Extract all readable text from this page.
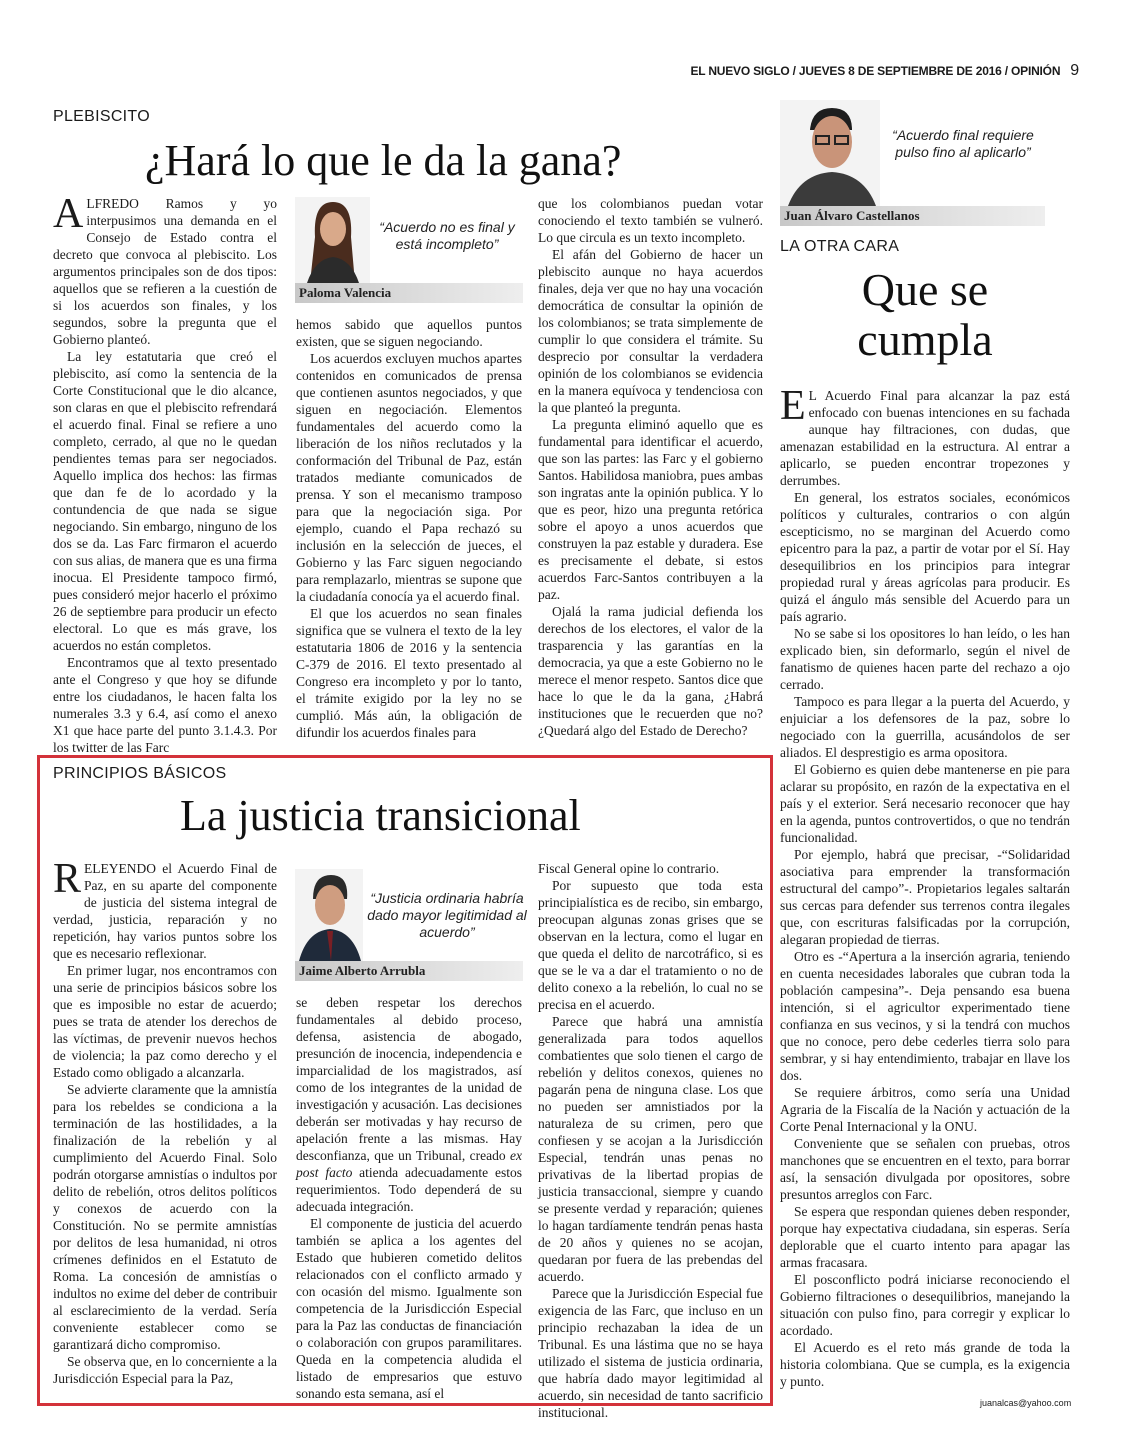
EL NUEVO SIGLO / JUEVES 8 DE SEPTIEMBRE DE 2016 / OPINIÓN 9
PLEBISCITO
¿Hará lo que le da la gana?

ALFREDO Ramos y yo interpusimos una demanda en el Consejo de Estado contra el decreto que convoca al plebiscito. Los argumentos principales son de dos tipos: aquellos que se refieren a la cuestión de si los acuerdos son finales, y los segundos, sobre la pregunta que el Gobierno planteó.

La ley estatutaria que creó el plebiscito, así como la sentencia de la Corte Constitucional que le dio alcance, son claras en que el plebiscito refrendará el acuerdo final. Final se refiere a uno completo, cerrado, al que no le quedan pendientes temas para ser negociados. Aquello implica dos hechos: las firmas que dan fe de lo acordado y la contundencia de que nada se sigue negociando. Sin embargo, ninguno de los dos se da. Las Farc firmaron el acuerdo con sus alias, de manera que es una firma inocua. El Presidente tampoco firmó, pues consideró mejor hacerlo el próximo 26 de septiembre para producir un efecto electoral. Lo que es más grave, los acuerdos no están completos.

Encontramos que al texto presentado ante el Congreso y que hoy se difunde entre los ciudadanos, le hacen falta los numerales 3.3 y 6.4, así como el anexo X1 que hace parte del punto 3.1.4.3. Por los twitter de las Farc

“Acuerdo no es final y está incompleto”
Paloma Valencia

hemos sabido que aquellos puntos existen, que se siguen negociando.

Los acuerdos excluyen muchos apartes contenidos en comunicados de prensa que contienen asuntos negociados, y que siguen en negociación. Elementos fundamentales del acuerdo como la liberación de los niños reclutados y la conformación del Tribunal de Paz, están tratados mediante comunicados de prensa. Y son el mecanismo tramposo para que la negociación siga. Por ejemplo, cuando el Papa rechazó su inclusión en la selección de jueces, el Gobierno y las Farc siguen negociando para remplazarlo, mientras se supone que la ciudadanía conocía ya el acuerdo final.

El que los acuerdos no sean finales significa que se vulnera el texto de la ley estatutaria 1806 de 2016 y la sentencia C-379 de 2016. El texto presentado al Congreso era incompleto y por lo tanto, el trámite exigido por la ley no se cumplió. Más aún, la obligación de difundir los acuerdos finales para

que los colombianos puedan votar conociendo el texto también se vulneró. Lo que circula es un texto incompleto.

El afán del Gobierno de hacer un plebiscito aunque no haya acuerdos finales, deja ver que no hay una vocación democrática de consultar la opinión de los colombianos; se trata simplemente de cumplir lo que considera el trámite. Su desprecio por consultar la verdadera opinión de los colombianos se evidencia en la manera equívoca y tendenciosa con la que planteó la pregunta.

La pregunta eliminó aquello que es fundamental para identificar el acuerdo, que son las partes: las Farc y el gobierno Santos. Habilidosa maniobra, pues ambas son ingratas ante la opinión publica. Y lo que es peor, hizo una pregunta retórica sobre el apoyo a unos acuerdos que construyen la paz estable y duradera. Ese es precisamente el debate, si estos acuerdos Farc-Santos contribuyen a la paz.

Ojalá la rama judicial defienda los derechos de los electores, el valor de la trasparencia y las garantías en la democracia, ya que a este Gobierno no le merece el menor respeto. Santos dice que hace lo que le da la gana, ¿Habrá instituciones que le recuerden que no? ¿Quedará algo del Estado de Derecho?

“Acuerdo final requiere pulso fino al aplicarlo”
Juan Álvaro Castellanos
LA OTRA CARA
Que se
cumpla

E L Acuerdo Final para alcanzar la paz está enfocado con buenas intenciones en su fachada aunque hay filtraciones, con dudas, que amenazan estabilidad en la estructura. Al entrar a aplicarlo, se pueden encontrar tropezones y derrumbes.

En general, los estratos sociales, económicos políticos y culturales, contrarios o con algún escepticismo, no se marginan del Acuerdo como epicentro para la paz, a partir de votar por el Sí. Hay desequilibrios en los principios para integrar propiedad rural y áreas agrícolas para producir. Es quizá el ángulo más sensible del Acuerdo para un país agrario.

No se sabe si los opositores lo han leído, o les han explicado bien, sin deformarlo, según el nivel de fanatismo de quienes hacen parte del rechazo a ojo cerrado.

Tampoco es para llegar a la puerta del Acuerdo, y enjuiciar a los defensores de la paz, sobre lo negociado con la guerrilla, acusándolos de ser aliados. El desprestigio es arma opositora.

El Gobierno es quien debe mantenerse en pie para aclarar su propósito, en razón de la expectativa en el país y el exterior. Será necesario reconocer que hay en la agenda, puntos controvertidos, o que no tendrán funcionalidad.

Por ejemplo, habrá que precisar, -“Solidaridad asociativa para emprender la transformación estructural del campo”-. Propietarios legales saltarán sus cercas para defender sus terrenos contra ilegales que, con escrituras falsificadas por la corrupción, alegaran propiedad de tierras.

Otro es -“Apertura a la inserción agraria, teniendo en cuenta necesidades laborales que cubran toda la población campesina”-. Deja pensando esa buena intención, si el agricultor experimentado tiene confianza en sus vecinos, y si la tendrá con muchos que no conoce, pero debe cederles tierra solo para sembrar, y si hay entendimiento, trabajar en llave los dos.

Se requiere árbitros, como sería una Unidad Agraria de la Fiscalía de la Nación y actuación de la Corte Penal Internacional y la ONU.

Conveniente que se señalen con pruebas, otros manchones que se encuentren en el texto, para borrar así, la sensación divulgada por opositores, sobre presuntos arreglos con Farc.

Se espera que respondan quienes deben responder, porque hay expectativa ciudadana, sin esperas. Sería deplorable que el cuarto intento para apagar las armas fracasara.

El posconflicto podrá iniciarse reconociendo el Gobierno filtraciones o desequilibrios, manejando la situación con pulso fino, para corregir y explicar lo acordado.

El Acuerdo es el reto más grande de toda la historia colombiana. Que se cumpla, es la exigencia y punto.

juanalcas@yahoo.com
PRINCIPIOS BÁSICOS
La justicia transicional

RELEYENDO el Acuerdo Final de Paz, en su aparte del componente de justicia del sistema integral de verdad, justicia, reparación y no repetición, hay varios puntos sobre los que es necesario reflexionar.

En primer lugar, nos encontramos con una serie de principios básicos sobre los que es imposible no estar de acuerdo; pues se trata de atender los derechos de las víctimas, de prevenir nuevos hechos de violencia; la paz como derecho y el Estado como obligado a alcanzarla.

Se advierte claramente que la amnistía para los rebeldes se condiciona a la terminación de las hostilidades, a la finalización de la rebelión y al cumplimiento del Acuerdo Final. Solo podrán otorgarse amnistías o indultos por delito de rebelión, otros delitos políticos y conexos de acuerdo con la Constitución. No se permite amnistías por delitos de lesa humanidad, ni otros crímenes definidos en el Estatuto de Roma. La concesión de amnistías o indultos no exime del deber de contribuir al esclarecimiento de la verdad. Sería conveniente establecer como se garantizará dicho compromiso.

Se observa que, en lo concerniente a la Jurisdicción Especial para la Paz,

“Justicia ordinaria habría dado mayor legitimidad al acuerdo”
Jaime Alberto Arrubla

se deben respetar los derechos fundamentales al debido proceso, defensa, asistencia de abogado, presunción de inocencia, independencia e imparcialidad de los magistrados, así como de los integrantes de la unidad de investigación y acusación. Las decisiones deberán ser motivadas y hay recurso de apelación frente a las mismas. Hay desconfianza, que un Tribunal, creado ex post facto atienda adecuadamente estos requerimientos. Todo dependerá de su adecuada integración.

El componente de justicia del acuerdo también se aplica a los agentes del Estado que hubieren cometido delitos relacionados con el conflicto armado y con ocasión del mismo. Igualmente son competencia de la Jurisdicción Especial para la Paz las conductas de financiación o colaboración con grupos paramilitares. Queda en la competencia aludida el listado de empresarios que estuvo sonando esta semana, así el

Fiscal General opine lo contrario.

Por supuesto que toda esta principialística es de recibo, sin embargo, preocupan algunas zonas grises que se observan en la lectura, como el lugar en que queda el delito de narcotráfico, si es que se le va a dar el tratamiento o no de delito conexo a la rebelión, lo cual no se precisa en el acuerdo.

Parece que habrá una amnistía generalizada para todos aquellos combatientes que solo tienen el cargo de rebelión y delitos conexos, quienes no pagarán pena de ninguna clase. Los que no pueden ser amnistiados por la naturaleza de su crimen, pero que confiesen y se acojan a la Jurisdicción Especial, tendrán unas penas no privativas de la libertad propias de justicia transaccional, siempre y cuando se presente verdad y reparación; quienes lo hagan tardíamente tendrán penas hasta de 20 años y quienes no se acojan, quedaran por fuera de las prebendas del acuerdo.

Parece que la Jurisdicción Especial fue exigencia de las Farc, que incluso en un principio rechazaban la idea de un Tribunal. Es una lástima que no se haya utilizado el sistema de justicia ordinaria, que habría dado mayor legitimidad al acuerdo, sin necesidad de tanto sacrificio institucional.
